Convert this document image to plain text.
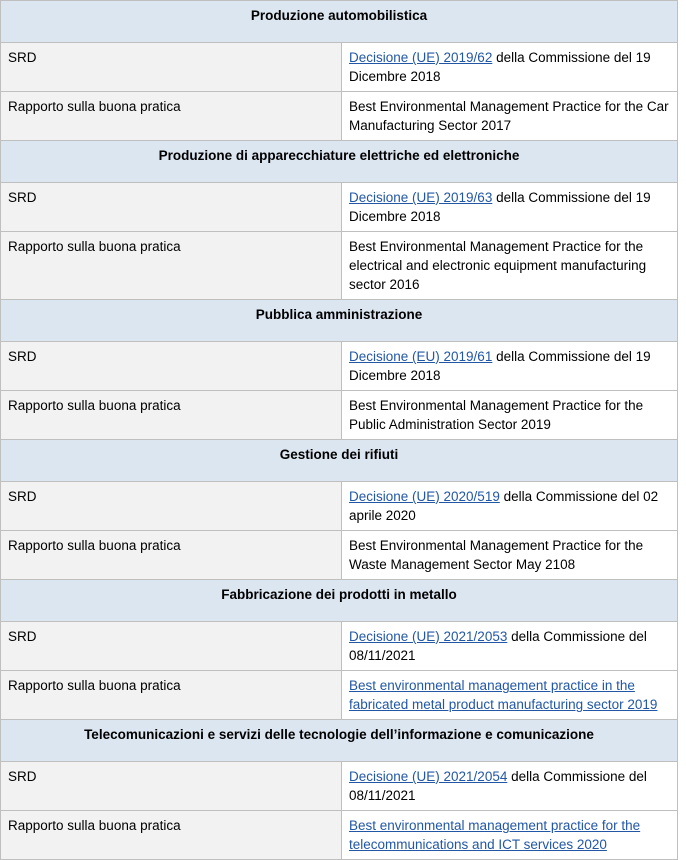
Produzione automobilistica	
SRD	Decisione (UE) 2019/62 della Commissione del 19 Dicembre 2018
Rapporto sulla buona pratica	Best Environmental Management Practice for the Car Manufacturing Sector 2017
Produzione di apparecchiature elettriche ed elettroniche	
SRD	Decisione (UE) 2019/63 della Commissione del 19 Dicembre 2018
Rapporto sulla buona pratica	Best Environmental Management Practice for the electrical and electronic equipment manufacturing sector 2016
Pubblica amministrazione	
SRD	Decisione (EU) 2019/61 della Commissione del 19 Dicembre 2018
Rapporto sulla buona pratica	Best Environmental Management Practice for the Public Administration Sector 2019
Gestione dei rifiuti	
SRD	Decisione (UE) 2020/519 della Commissione del 02 aprile 2020
Rapporto sulla buona pratica	Best Environmental Management Practice for the Waste Management Sector May 2108
Fabbricazione dei prodotti in metallo	
SRD	Decisione (UE) 2021/2053 della Commissione del 08/11/2021
Rapporto sulla buona pratica	Best environmental management practice in the fabricated metal product manufacturing sector 2019
Telecomunicazioni e servizi delle tecnologie dell’informazione e comunicazione	
SRD	Decisione (UE) 2021/2054 della Commissione del 08/11/2021
Rapporto sulla buona pratica	Best environmental management practice for the telecommunications and ICT services 2020
